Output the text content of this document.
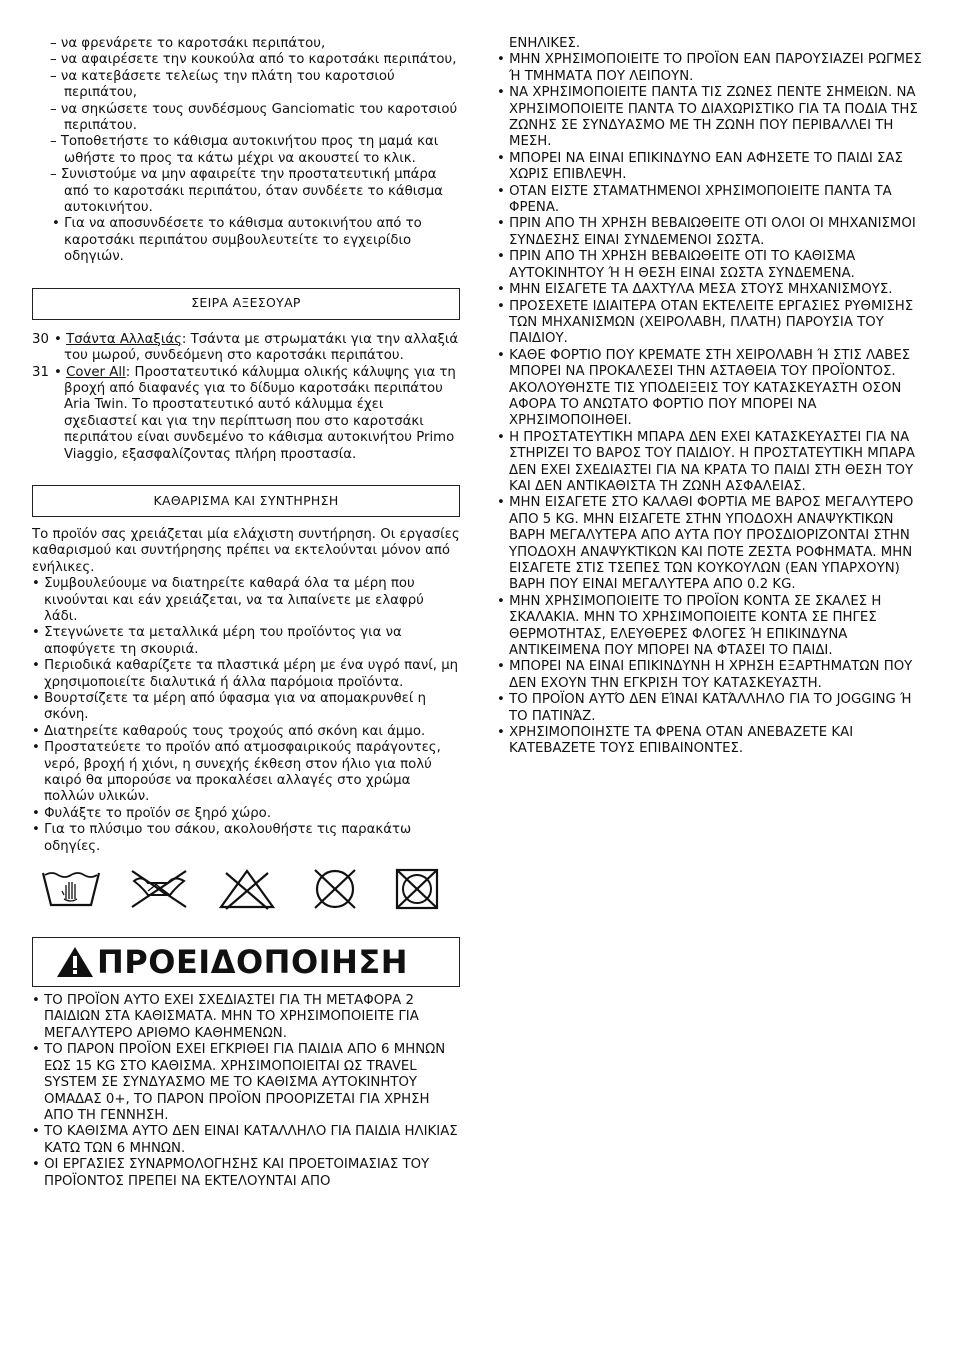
– να φρενάρετε το καροτσάκι περιπάτου,

– να αφαιρέσετε την κουκούλα από το καροτσάκι περιπάτου,

– να κατεβάσετε τελείως την πλάτη του καροτσιού περιπάτου,

– να σηκώσετε τους συνδέσμους Ganciomatic του καροτσιού περιπάτου.

– Τοποθετήστε το κάθισμα αυτοκινήτου προς τη μαμά και ωθήστε το προς τα κάτω μέχρι να ακουστεί το κλικ.

– Συνιστούμε να μην αφαιρείτε την προστατευτική μπάρα από το καροτσάκι περιπάτου, όταν συνδέετε το κάθισμα αυτοκινήτου.

• Για να αποσυνδέσετε το κάθισμα αυτοκινήτου από το καροτσάκι περιπάτου συμβουλευτείτε το εγχειρίδιο οδηγιών.

ΣΕΙΡΑ ΑΞΕΣΟΥΑΡ
30	• Τσάντα Αλλαξιάς: Τσάντα με στρωματάκι για την αλλαξιά του μωρού, συνδεόμενη στο καροτσάκι περιπάτου.

31	• Cover All: Προστατευτικό κάλυμμα ολικής κάλυψης για τη βροχή από διαφανές για το δίδυμο καροτσάκι περιπάτου Aria Twin. Το προστατευτικό αυτό κάλυμμα έχει σχεδιαστεί και για την περίπτωση που στο καροτσάκι περιπάτου είναι συνδεμένο το κάθισμα αυτοκινήτου Primo Viaggio, εξασφαλίζοντας πλήρη προστασία.

ΚΑΘΑΡΙΣΜΑ ΚΑΙ ΣΥΝΤΗΡΗΣΗ

Το προϊόν σας χρειάζεται μία ελάχιστη συντήρηση. Οι εργασίες καθαρισμού και συντήρησης πρέπει να εκτελούνται μόνον από ενήλικες.

• Συμβουλεύουμε να διατηρείτε καθαρά όλα τα μέρη που κινούνται και εάν χρειάζεται, να τα λιπαίνετε με ελαφρύ λάδι.

• Στεγνώνετε τα μεταλλικά μέρη του προϊόντος για να αποφύγετε τη σκουριά.

• Περιοδικά καθαρίζετε τα πλαστικά μέρη με ένα υγρό πανί, μη χρησιμοποιείτε διαλυτικά ή άλλα παρόμοια προϊόντα.

• Βουρτσίζετε τα μέρη από ύφασμα για να απομακρυνθεί η σκόνη.

• Διατηρείτε καθαρούς τους τροχούς από σκόνη και άμμο.

• Προστατεύετε το προϊόν από ατμοσφαιρικούς παράγοντες, νερό, βροχή ή χιόνι, η συνεχής έκθεση στον ήλιο για πολύ καιρό θα μπορούσε να προκαλέσει αλλαγές στο χρώμα πολλών υλικών.

• Φυλάξτε το προϊόν σε ξηρό χώρο.

• Για το πλύσιμο του σάκου, ακολουθήστε τις παρακάτω οδηγίες.

ΠΡΟΕΙΔΟΠΟΙΗΣΗ

• ΤΟ ΠΡΟΪΟΝ ΑΥΤΟ ΕΧΕΙ ΣΧΕΔΙΑΣΤΕΙ ΓΙΑ ΤΗ ΜΕΤΑΦΟΡΑ 2 ΠΑΙΔΙΩΝ ΣΤΑ ΚΑΘΙΣΜΑΤΑ. ΜΗΝ ΤΟ ΧΡΗΣΙΜΟΠΟΙΕΙΤΕ ΓΙΑ ΜΕΓΑΛΥΤΕΡΟ ΑΡΙΘΜΟ ΚΑΘΗΜΕΝΩΝ.

• ΤΟ ΠΑΡΟΝ ΠΡΟΪΟΝ ΕΧΕΙ ΕΓΚΡΙΘΕΙ ΓΙΑ ΠΑΙΔΙΑ ΑΠΟ 6 ΜΗΝΩΝ ΕΩΣ 15 KG ΣΤΟ ΚΑΘΙΣΜΑ. ΧΡΗΣΙΜΟΠΟΙΕΙΤΑΙ ΩΣ TRAVEL SYSTEM ΣΕ ΣΥΝΔΥΑΣΜΟ ΜΕ ΤΟ ΚΑΘΙΣΜΑ ΑΥΤΟΚΙΝΗΤΟΥ ΟΜΑΔΑΣ 0+, ΤΟ ΠΑΡΟΝ ΠΡΟΪΟΝ ΠΡΟΟΡΙΖΕΤΑΙ ΓΙΑ ΧΡΗΣΗ ΑΠΟ ΤΗ ΓΕΝΝΗΣΗ.

• ΤΟ ΚΑΘΙΣΜΑ ΑΥΤΟ ΔΕΝ ΕΙΝΑΙ ΚΑΤΑΛΛΗΛΟ ΓΙΑ ΠΑΙΔΙΑ ΗΛΙΚΙΑΣ ΚΑΤΩ ΤΩΝ 6 ΜΗΝΩΝ.

• ΟΙ ΕΡΓΑΣΙΕΣ ΣΥΝΑΡΜΟΛΟΓΗΣΗΣ ΚΑΙ ΠΡΟΕΤΟΙΜΑΣΙΑΣ ΤΟΥ ΠΡΟΪΟΝΤΟΣ ΠΡΕΠΕΙ ΝΑ ΕΚΤΕΛΟΥΝΤΑΙ ΑΠΟ

ΕΝΗΛΙΚΕΣ.

• ΜΗΝ ΧΡΗΣΙΜΟΠΟΙΕΙΤΕ ΤΟ ΠΡΟΪΟΝ ΕΑΝ ΠΑΡΟΥΣΙΑΖΕΙ ΡΩΓΜΕΣ Ή ΤΜΗΜΑΤΑ ΠΟΥ ΛΕΙΠΟΥΝ.

• ΝΑ ΧΡΗΣΙΜΟΠΟΙΕΙΤΕ ΠΑΝΤΑ ΤΙΣ ΖΩΝΕΣ ΠΕΝΤΕ ΣΗΜΕΙΩΝ. ΝΑ ΧΡΗΣΙΜΟΠΟΙΕΙΤΕ ΠΑΝΤΑ ΤΟ ΔΙΑΧΩΡΙΣΤΙΚΟ ΓΙΑ ΤΑ ΠΟΔΙΑ ΤΗΣ ΖΩΝΗΣ ΣΕ ΣΥΝΔΥΑΣΜΟ ΜΕ ΤΗ ΖΩΝΗ ΠΟΥ ΠΕΡΙΒΑΛΛΕΙ ΤΗ ΜΕΣΗ.

• ΜΠΟΡΕΙ ΝΑ ΕΙΝΑΙ ΕΠΙΚΙΝΔΥΝΟ ΕΑΝ ΑΦΗΣΕΤΕ ΤΟ ΠΑΙΔΙ ΣΑΣ ΧΩΡΙΣ ΕΠΙΒΛΕΨΗ.

• ΟΤΑΝ ΕΙΣΤΕ ΣΤΑΜΑΤΗΜΕΝΟΙ ΧΡΗΣΙΜΟΠΟΙΕΙΤΕ ΠΑΝΤΑ ΤΑ ΦΡΕΝΑ.

• ΠΡΙΝ ΑΠΟ ΤΗ ΧΡΗΣΗ ΒΕΒΑΙΩΘΕΙΤΕ ΟΤΙ ΟΛΟΙ ΟΙ ΜΗΧΑΝΙΣΜΟΙ ΣΥΝΔΕΣΗΣ ΕΙΝΑΙ ΣΥΝΔΕΜΕΝΟΙ ΣΩΣΤΑ.

• ΠΡΙΝ ΑΠΟ ΤΗ ΧΡΗΣΗ ΒΕΒΑΙΩΘΕΙΤΕ ΟΤΙ ΤΟ ΚΑΘΙΣΜΑ ΑΥΤΟΚΙΝΗΤΟΥ Ή Η ΘΕΣΗ ΕΙΝΑΙ ΣΩΣΤΑ ΣΥΝΔΕΜΕΝΑ.

• ΜΗΝ ΕΙΣΑΓΕΤΕ ΤΑ ΔΑΧΤΥΛΑ ΜΕΣΑ ΣΤΟΥΣ ΜΗΧΑΝΙΣΜΟΥΣ.

• ΠΡΟΣΕΧΕΤΕ ΙΔΙΑΙΤΕΡΑ ΟΤΑΝ ΕΚΤΕΛΕΙΤΕ ΕΡΓΑΣΙΕΣ ΡΥΘΜΙΣΗΣ ΤΩΝ ΜΗΧΑΝΙΣΜΩΝ (ΧΕΙΡΟΛΑΒΗ, ΠΛΑΤΗ) ΠΑΡΟΥΣΙΑ ΤΟΥ ΠΑΙΔΙΟΥ.

• ΚΑΘΕ ΦΟΡΤΙΟ ΠΟΥ ΚΡΕΜΑΤΕ ΣΤΗ ΧΕΙΡΟΛΑΒΗ Ή ΣΤΙΣ ΛΑΒΕΣ ΜΠΟΡΕΙ ΝΑ ΠΡΟΚΑΛΕΣΕΙ ΤΗΝ ΑΣΤΑΘΕΙΑ ΤΟΥ ΠΡΟΪΟΝΤΟΣ. ΑΚΟΛΟΥΘΗΣΤΕ ΤΙΣ ΥΠΟΔΕΙΞΕΙΣ ΤΟΥ ΚΑΤΑΣΚΕΥΑΣΤΗ ΟΣΟΝ ΑΦΟΡΑ ΤΟ ΑΝΩΤΑΤΟ ΦΟΡΤΙΟ ΠΟΥ ΜΠΟΡΕΙ ΝΑ ΧΡΗΣΙΜΟΠΟΙΗΘΕΙ.

• Η ΠΡΟΣΤΑΤΕΥΤΙΚΗ ΜΠΑΡΑ ΔΕΝ ΕΧΕΙ ΚΑΤΑΣΚΕΥΑΣΤΕΙ ΓΙΑ ΝΑ ΣΤΗΡΙΖΕΙ ΤΟ ΒΑΡΟΣ ΤΟΥ ΠΑΙΔΙΟΥ. Η ΠΡΟΣΤΑΤΕΥΤΙΚΗ ΜΠΑΡΑ ΔΕΝ ΕΧΕΙ ΣΧΕΔΙΑΣΤΕΙ ΓΙΑ ΝΑ ΚΡΑΤΑ ΤΟ ΠΑΙΔΙ ΣΤΗ ΘΕΣΗ ΤΟΥ ΚΑΙ ΔΕΝ ΑΝΤΙΚΑΘΙΣΤΑ ΤΗ ΖΩΝΗ ΑΣΦΑΛΕΙΑΣ.

• ΜΗΝ ΕΙΣΑΓΕΤΕ ΣΤΟ ΚΑΛΑΘΙ ΦΟΡΤΙΑ ΜΕ ΒΑΡΟΣ ΜΕΓΑΛΥΤΕΡΟ ΑΠΟ 5 KG. ΜΗΝ ΕΙΣΑΓΕΤΕ ΣΤΗΝ ΥΠΟΔΟΧΗ ΑΝΑΨΥΚΤΙΚΩΝ ΒΑΡΗ ΜΕΓΑΛΥΤΕΡΑ ΑΠΟ ΑΥΤΑ ΠΟΥ ΠΡΟΣΔΙΟΡΙΖΟΝΤΑΙ ΣΤΗΝ ΥΠΟΔΟΧΗ ΑΝΑΨΥΚΤΙΚΩΝ ΚΑΙ ΠΟΤΕ ΖΕΣΤΑ ΡΟΦΗΜΑΤΑ. ΜΗΝ ΕΙΣΑΓΕΤΕ ΣΤΙΣ ΤΣΕΠΕΣ ΤΩΝ ΚΟΥΚΟΥΛΩΝ (ΕΑΝ ΥΠΑΡΧΟΥΝ) ΒΑΡΗ ΠΟΥ ΕΙΝΑΙ ΜΕΓΑΛΥΤΕΡΑ ΑΠΟ 0.2 KG.

• ΜΗΝ ΧΡΗΣΙΜΟΠΟΙΕΙΤΕ ΤΟ ΠΡΟΪΟΝ ΚΟΝΤΑ ΣΕ ΣΚΑΛΕΣ Η ΣΚΑΛΑΚΙΑ. ΜΗΝ ΤΟ ΧΡΗΣΙΜΟΠΟΙΕΙΤΕ ΚΟΝΤΑ ΣΕ ΠΗΓΕΣ ΘΕΡΜΟΤΗΤΑΣ, ΕΛΕΥΘΕΡΕΣ ΦΛΟΓΕΣ Ή ΕΠΙΚΙΝΔΥΝΑ ΑΝΤΙΚΕΙΜΕΝΑ ΠΟΥ ΜΠΟΡΕΙ ΝΑ ΦΤΑΣΕΙ ΤΟ ΠΑΙΔΙ.

• ΜΠΟΡΕΙ ΝΑ ΕΙΝΑΙ ΕΠΙΚΙΝΔΥΝΗ Η ΧΡΗΣΗ ΕΞΑΡΤΗΜΑΤΩΝ ΠΟΥ ΔΕΝ ΕΧΟΥΝ ΤΗΝ ΕΓΚΡΙΣΗ ΤΟΥ ΚΑΤΑΣΚΕΥΑΣΤΗ.

• ΤΟ ΠΡΟΪΟΝ ΑΥΤΌ ΔΕΝ ΕΊΝΑΙ ΚΑΤΆΛΛΗΛΟ ΓΙΑ ΤΟ JOGGING Ή ΤΟ ΠΑΤΙΝΆΖ.

• ΧΡΗΣΙΜΟΠΟΙΗΣΤΕ ΤΑ ΦΡΕΝΑ ΟΤΑΝ ΑΝΕΒΑΖΕΤΕ ΚΑΙ ΚΑΤΕΒΑΖΕΤΕ ΤΟΥΣ ΕΠΙΒΑΙΝΟΝΤΕΣ.
